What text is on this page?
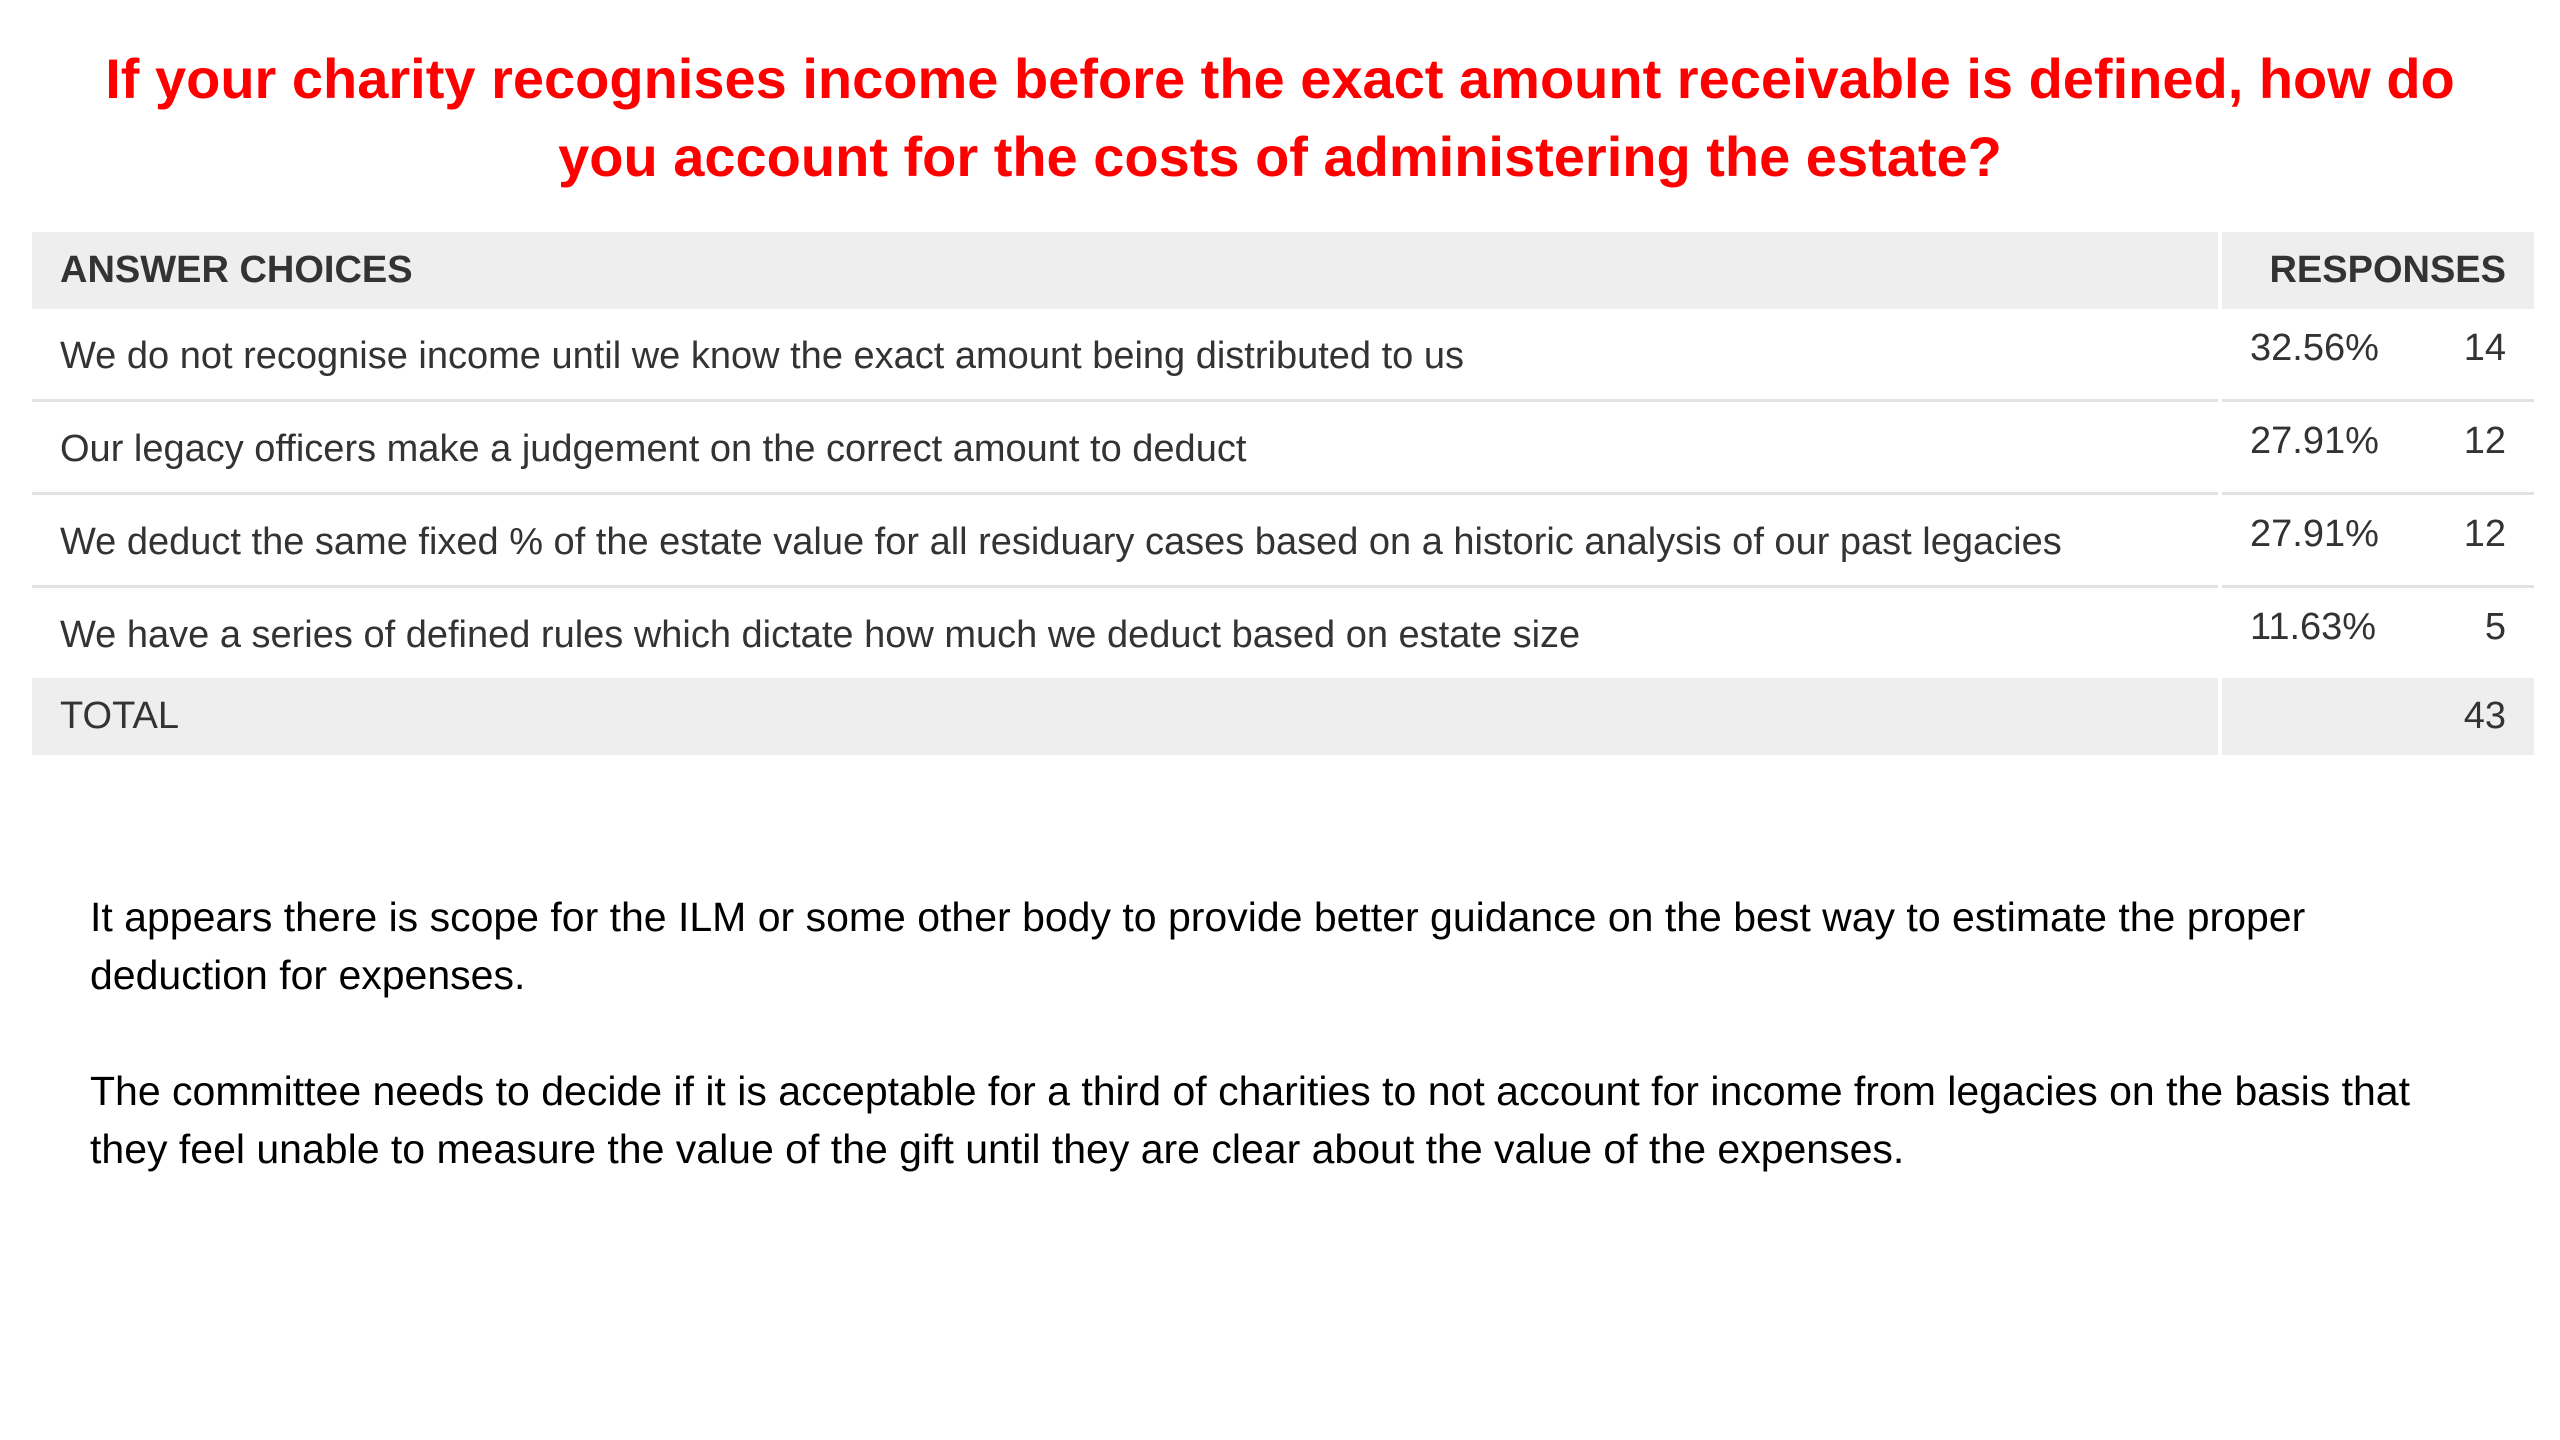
If your charity recognises income before the exact amount receivable is defined, how do you account for the costs of administering the estate?
ANSWER CHOICES	RESPONSES
We do not recognise income until we know the exact amount being distributed to us	32.56% 14

Our legacy officers make a judgement on the correct amount to deduct	27.91% 12

We deduct the same fixed % of the estate value for all residuary cases based on a historic analysis of our past legacies	27.91% 12

We have a series of defined rules which dictate how much we deduct based on estate size	11.63% 5

TOTAL	43

It appears there is scope for the ILM or some other body to provide better guidance on the best way to estimate the proper deduction for expenses.

The committee needs to decide if it is acceptable for a third of charities to not account for income from legacies on the basis that they feel unable to measure the value of the gift until they are clear about the value of the expenses.
